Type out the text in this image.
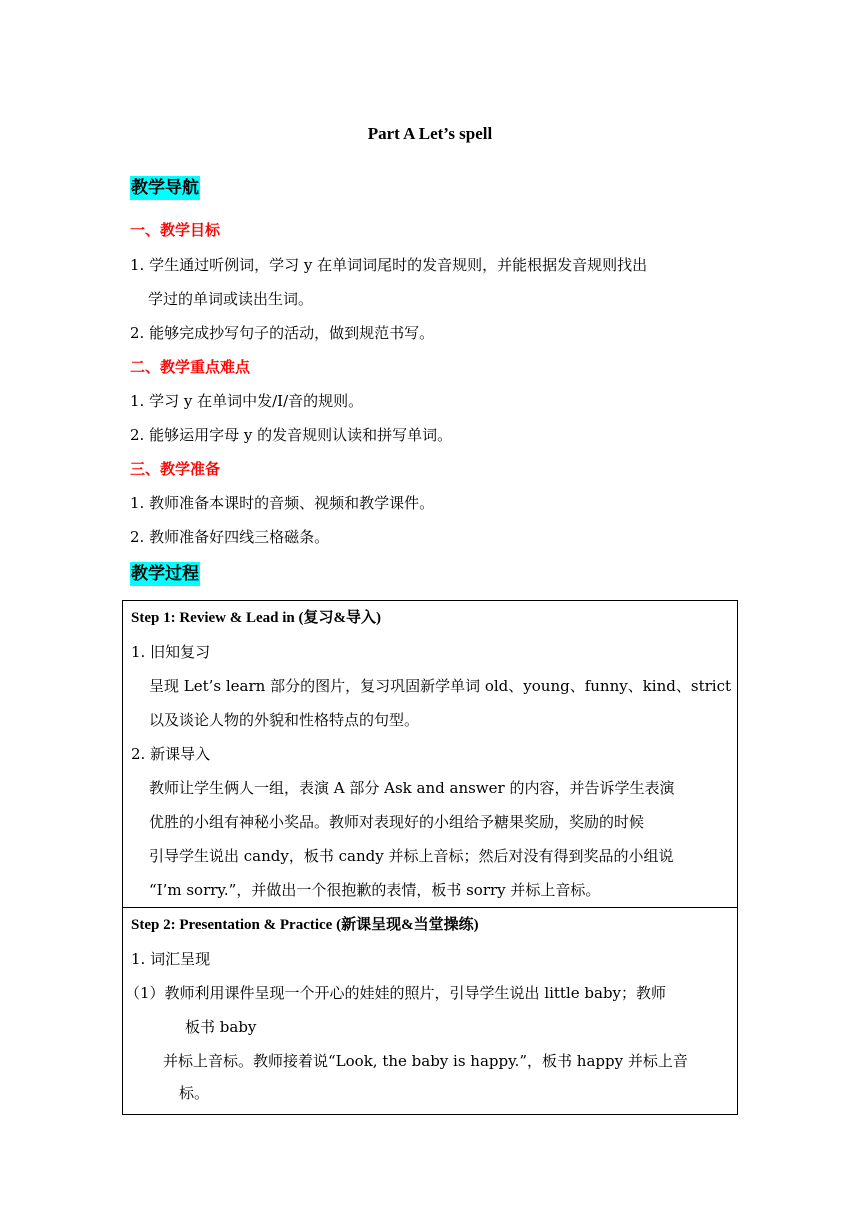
Part A Let’s spell
教学导航
一、教学目标
1. 学生通过听例词，学习 y 在单词词尾时的发音规则，并能根据发音规则找出
学过的单词或读出生词。
2. 能够完成抄写句子的活动，做到规范书写。
二、教学重点难点
1. 学习 y 在单词中发/I/音的规则。
2. 能够运用字母 y 的发音规则认读和拼写单词。
三、教学准备
1. 教师准备本课时的音频、视频和教学课件。
2. 教师准备好四线三格磁条。
教学过程
Step 1: Review & Lead in (复习&导入)
1. 旧知复习
呈现 Let’s learn 部分的图片，复习巩固新学单词 old、young、funny、kind、strict
以及谈论人物的外貌和性格特点的句型。
2. 新课导入
教师让学生俩人一组，表演 A 部分 Ask and answer 的内容，并告诉学生表演
优胜的小组有神秘小奖品。教师对表现好的小组给予糖果奖励，奖励的时候
引导学生说出 candy，板书 candy 并标上音标；然后对没有得到奖品的小组说
“I’m sorry.”，并做出一个很抱歉的表情，板书 sorry 并标上音标。

Step 2: Presentation & Practice (新课呈现&当堂操练)
1. 词汇呈现
（1）教师利用课件呈现一个开心的娃娃的照片，引导学生说出 little baby；教师
板书 baby
并标上音标。教师接着说“Look, the baby is happy.”，板书 happy 并标上音
标。
